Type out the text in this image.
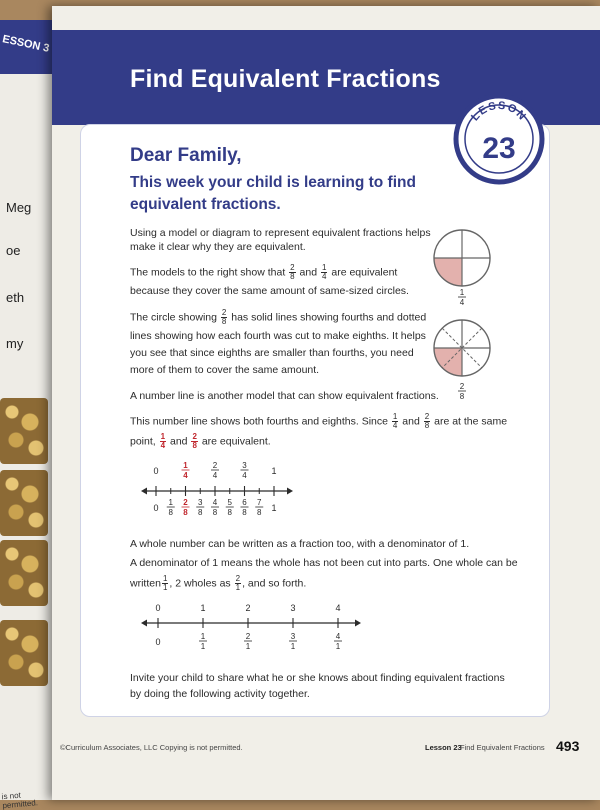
ESSON 3
Meg
oe
eth
my
is not permitted.
Find Equivalent Fractions
LESSON
23
Dear Family,
This week your child is learning to find
equivalent fractions.
Using a model or diagram to represent equivalent fractions helps
make it clear why they are equivalent.
The models to the right show that $\frac{2}{8}$ and $\frac{1}{4}$ are equivalent
because they cover the same amount of same-sized circles.
The circle showing $\frac{2}{8}$ has solid lines showing fourths and dotted
lines showing how each fourth was cut to make eighths. It helps
you see that since eighths are smaller than fourths, you need
more of them to cover the same amount.
1
4
2
8
A number line is another model that can show equivalent fractions.
This number line shows both fourths and eighths. Since $\frac{1}{4}$ and $\frac{2}{8}$ are at the same
point, $\frac{1}{4}$ and $\frac{2}{8}$ are equivalent.
0
1
4
2
4
3
4	1
0
1
8
2
8
3
8
4
8
5
8
6
8
7
8 1
A whole number can be written as a fraction too, with a denominator of 1.
A denominator of 1 means the whole has not been cut into parts. One whole can be
written $\frac{1}{1}$ , 2 wholes as $\frac{2}{1}$ , and so forth.
0	1	2	3	4
0
1
1
2
1
3
1
4
1
Invite your child to share what he or she knows about finding equivalent fractions
by doing the following activity together.
©Curriculum Associates, LLC Copying is not permitted.	Lesson 23
Find Equivalent Fractions 493
